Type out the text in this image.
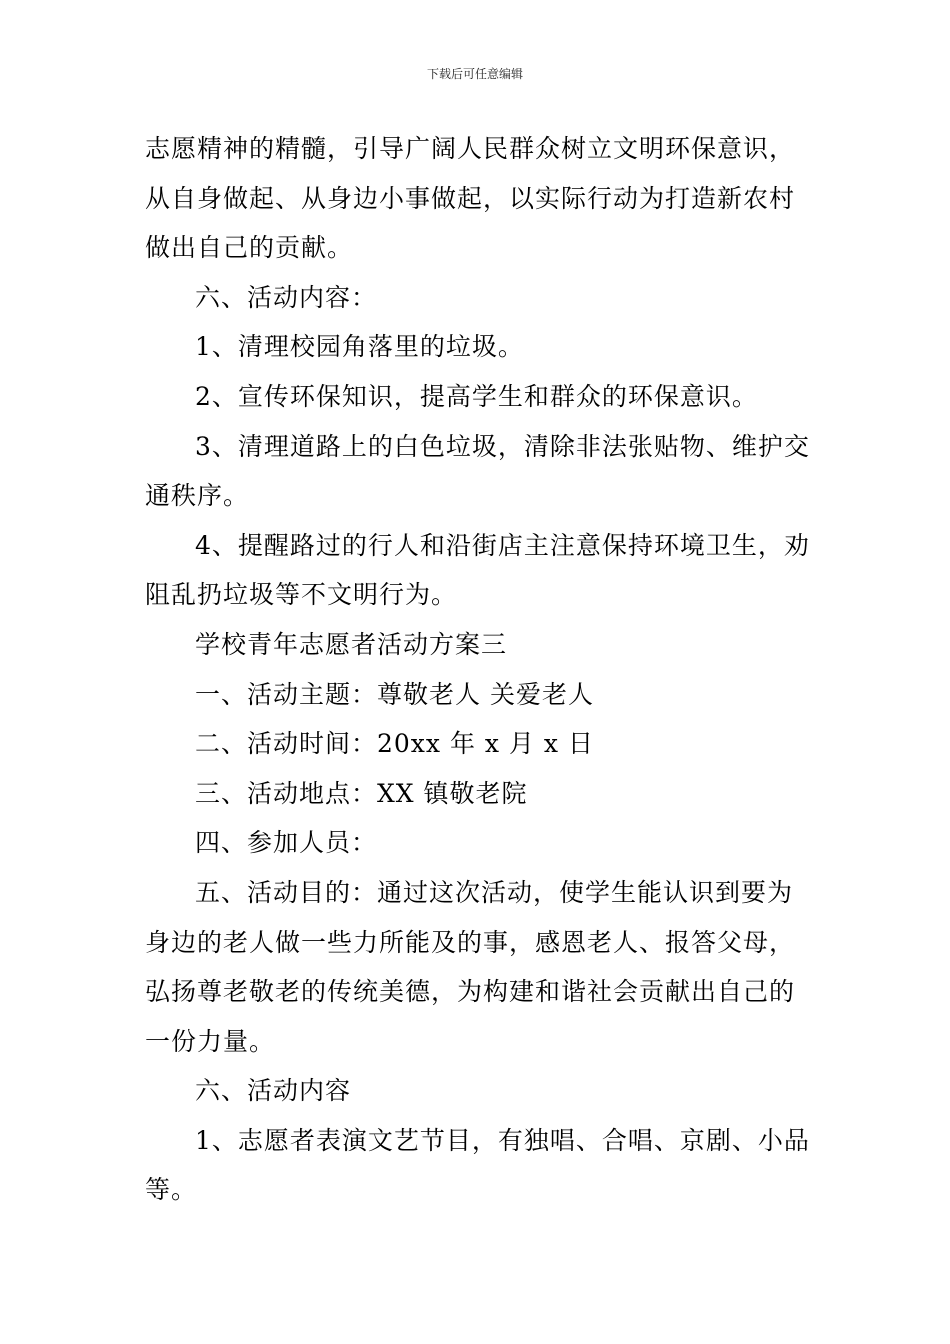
下载后可任意编辑
志愿精神的精髓，引导广阔人民群众树立文明环保意识，
从自身做起、从身边小事做起，以实际行动为打造新农村
做出自己的贡献。
六、活动内容：
1、清理校园角落里的垃圾。
2、宣传环保知识，提高学生和群众的环保意识。
3、清理道路上的白色垃圾，清除非法张贴物、维护交
通秩序。
4、提醒路过的行人和沿街店主注意保持环境卫生，劝
阻乱扔垃圾等不文明行为。
学校青年志愿者活动方案三
一、活动主题：尊敬老人 关爱老人
二、活动时间：20xx 年 x 月 x 日
三、活动地点：XX 镇敬老院
四、参加人员：
五、活动目的：通过这次活动，使学生能认识到要为
身边的老人做一些力所能及的事，感恩老人、报答父母，
弘扬尊老敬老的传统美德，为构建和谐社会贡献出自己的
一份力量。
六、活动内容
1、志愿者表演文艺节目，有独唱、合唱、京剧、小品
等。
